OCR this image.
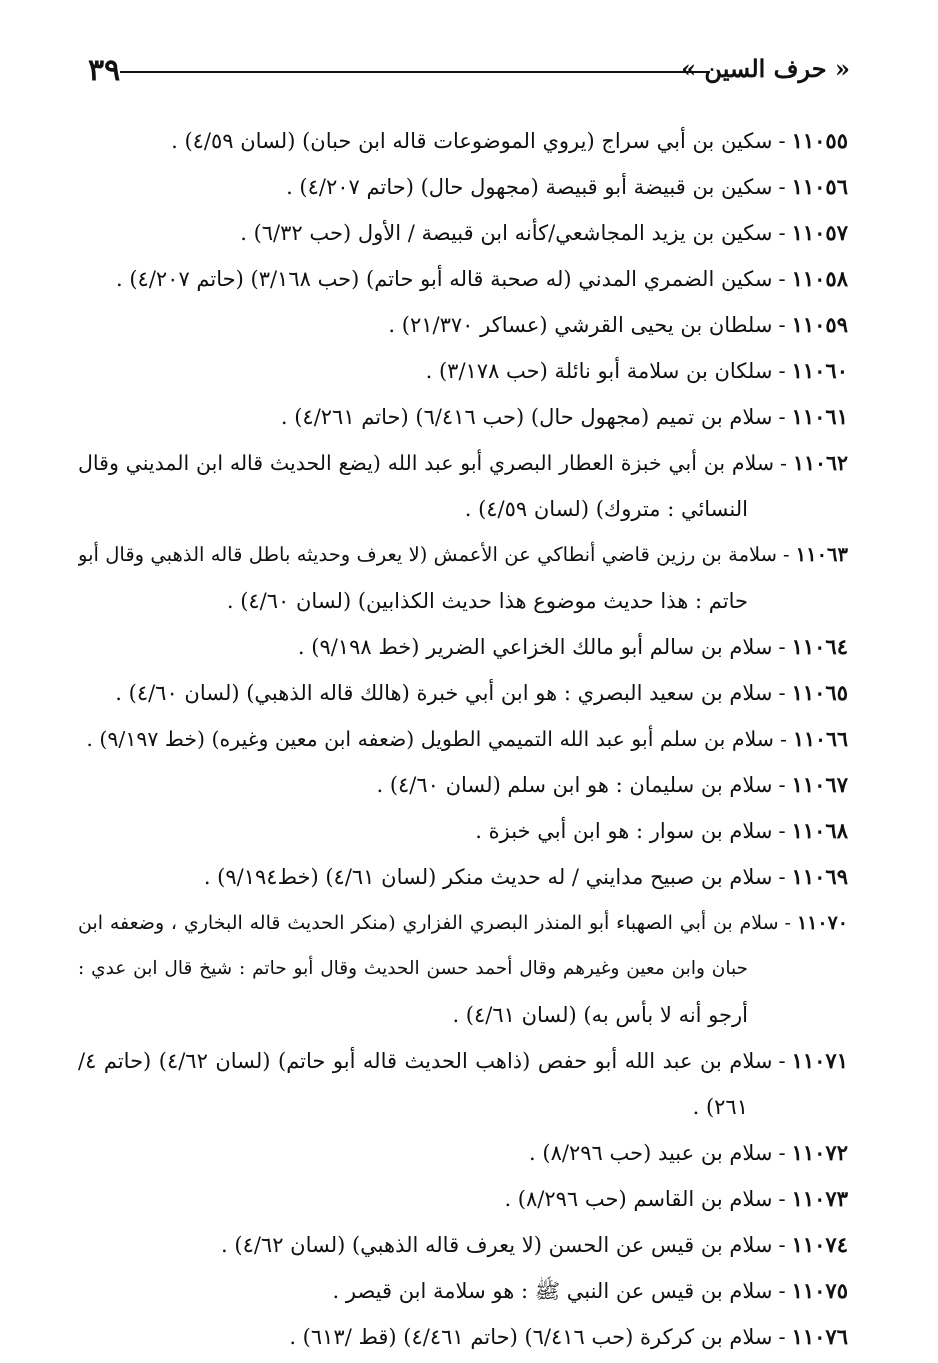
٣٩	« حرف السين »
١١٠٥٥-سكين بن أبي سراج (يروي الموضوعات قاله ابن حبان) (لسان ٤/٥٩) .
١١٠٥٦-سكين بن قبيضة أبو قبيصة (مجهول حال) (حاتم ٤/٢٠٧) .
١١٠٥٧-سكين بن يزيد المجاشعي/كأنه ابن قبيصة / الأول (حب ٦/٣٢) .
١١٠٥٨-سكين الضمري المدني (له صحبة قاله أبو حاتم) (حب ٣/١٦٨) (حاتم ٤/٢٠٧) .
١١٠٥٩-سلطان بن يحيى القرشي (عساكر ٢١/٣٧٠) .
١١٠٦٠-سلكان بن سلامة أبو نائلة (حب ٣/١٧٨) .
١١٠٦١-سلام بن تميم (مجهول حال) (حب ٦/٤١٦) (حاتم ٤/٢٦١) .
١١٠٦٢-سلام بن أبي خبزة العطار البصري أبو عبد الله (يضع الحديث قاله ابن المديني وقال
النسائي : متروك) (لسان ٤/٥٩) .
١١٠٦٣-سلامة بن رزين قاضي أنطاكي عن الأعمش (لا يعرف وحديثه باطل قاله الذهبي وقال أبو
حاتم : هذا حديث موضوع هذا حديث الكذابين) (لسان ٤/٦٠) .
١١٠٦٤-سلام بن سالم أبو مالك الخزاعي الضرير (خط ٩/١٩٨) .
١١٠٦٥-سلام بن سعيد البصري : هو ابن أبي خبرة (هالك قاله الذهبي) (لسان ٤/٦٠) .
١١٠٦٦-سلام بن سلم أبو عبد الله التميمي الطويل (ضعفه ابن معين وغيره) (خط ٩/١٩٧) .
١١٠٦٧-سلام بن سليمان : هو ابن سلم (لسان ٤/٦٠) .
١١٠٦٨-سلام بن سوار : هو ابن أبي خبزة .
١١٠٦٩-سلام بن صبيح مدايني / له حديث منكر (لسان ٤/٦١) (خط٩/١٩٤) .
١١٠٧٠-سلام بن أبي الصهباء أبو المنذر البصري الفزاري (منكر الحديث قاله البخاري ، وضعفه ابن
حبان وابن معين وغيرهم وقال أحمد حسن الحديث وقال أبو حاتم : شيخ قال ابن عدي :
أرجو أنه لا بأس به) (لسان ٤/٦١) .
١١٠٧١-سلام بن عبد الله أبو حفص (ذاهب الحديث قاله أبو حاتم) (لسان ٤/٦٢) (حاتم ٤/
٢٦١) .
١١٠٧٢-سلام بن عبيد (حب ٨/٢٩٦) .
١١٠٧٣-سلام بن القاسم (حب ٨/٢٩٦) .
١١٠٧٤-سلام بن قيس عن الحسن (لا يعرف قاله الذهبي) (لسان ٤/٦٢) .
١١٠٧٥-سلام بن قيس عن النبي ﷺ : هو سلامة ابن قيصر .
١١٠٧٦-سلام بن كركرة (حب ٦/٤١٦) (حاتم ٤/٤٦١) (قط /٦١٣) .
